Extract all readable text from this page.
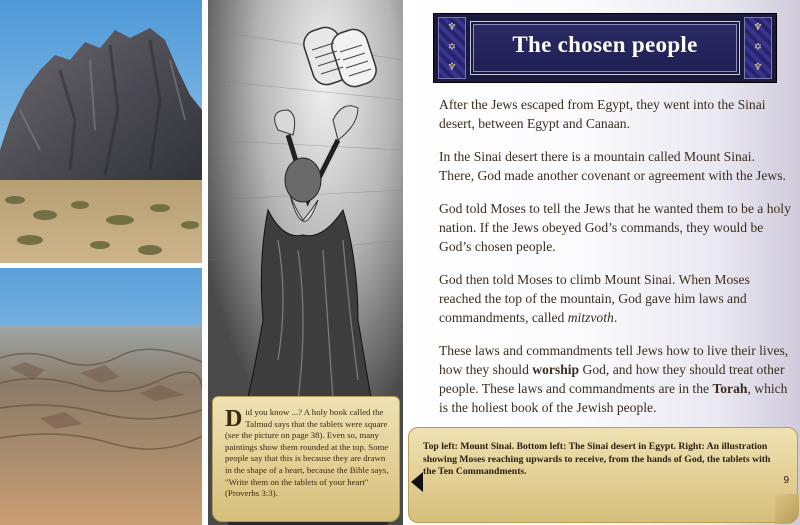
Did you know ...? A holy book called the Talmud says that the tablets were square (see the picture on page 38). Even so, many paintings show them rounded at the top. Some people say that this is because they are drawn in the shape of a heart, because the Bible says, "Write them on the tablets of your heart" (Proverbs 3:3).
♆
✡
♆
The chosen people
♆
✡
♆

After the Jews escaped from Egypt, they went into the Sinai desert, between Egypt and Canaan.

In the Sinai desert there is a mountain called Mount Sinai. There, God made another covenant or agreement with the Jews.

God told Moses to tell the Jews that he wanted them to be a holy nation. If the Jews obeyed God’s commands, they would be God’s chosen people.

God then told Moses to climb Mount Sinai. When Moses reached the top of the mountain, God gave him laws and commandments, called mitzvoth.

These laws and commandments tell Jews how to live their lives, how they should worship God, and how they should treat other people. These laws and commandments are in the Torah, which is the holiest book of the Jewish people.

Top left: Mount Sinai. Bottom left: The Sinai desert in Egypt. Right: An illustration showing Moses reaching upwards to receive, from the hands of God, the tablets with the Ten Commandments.
9
